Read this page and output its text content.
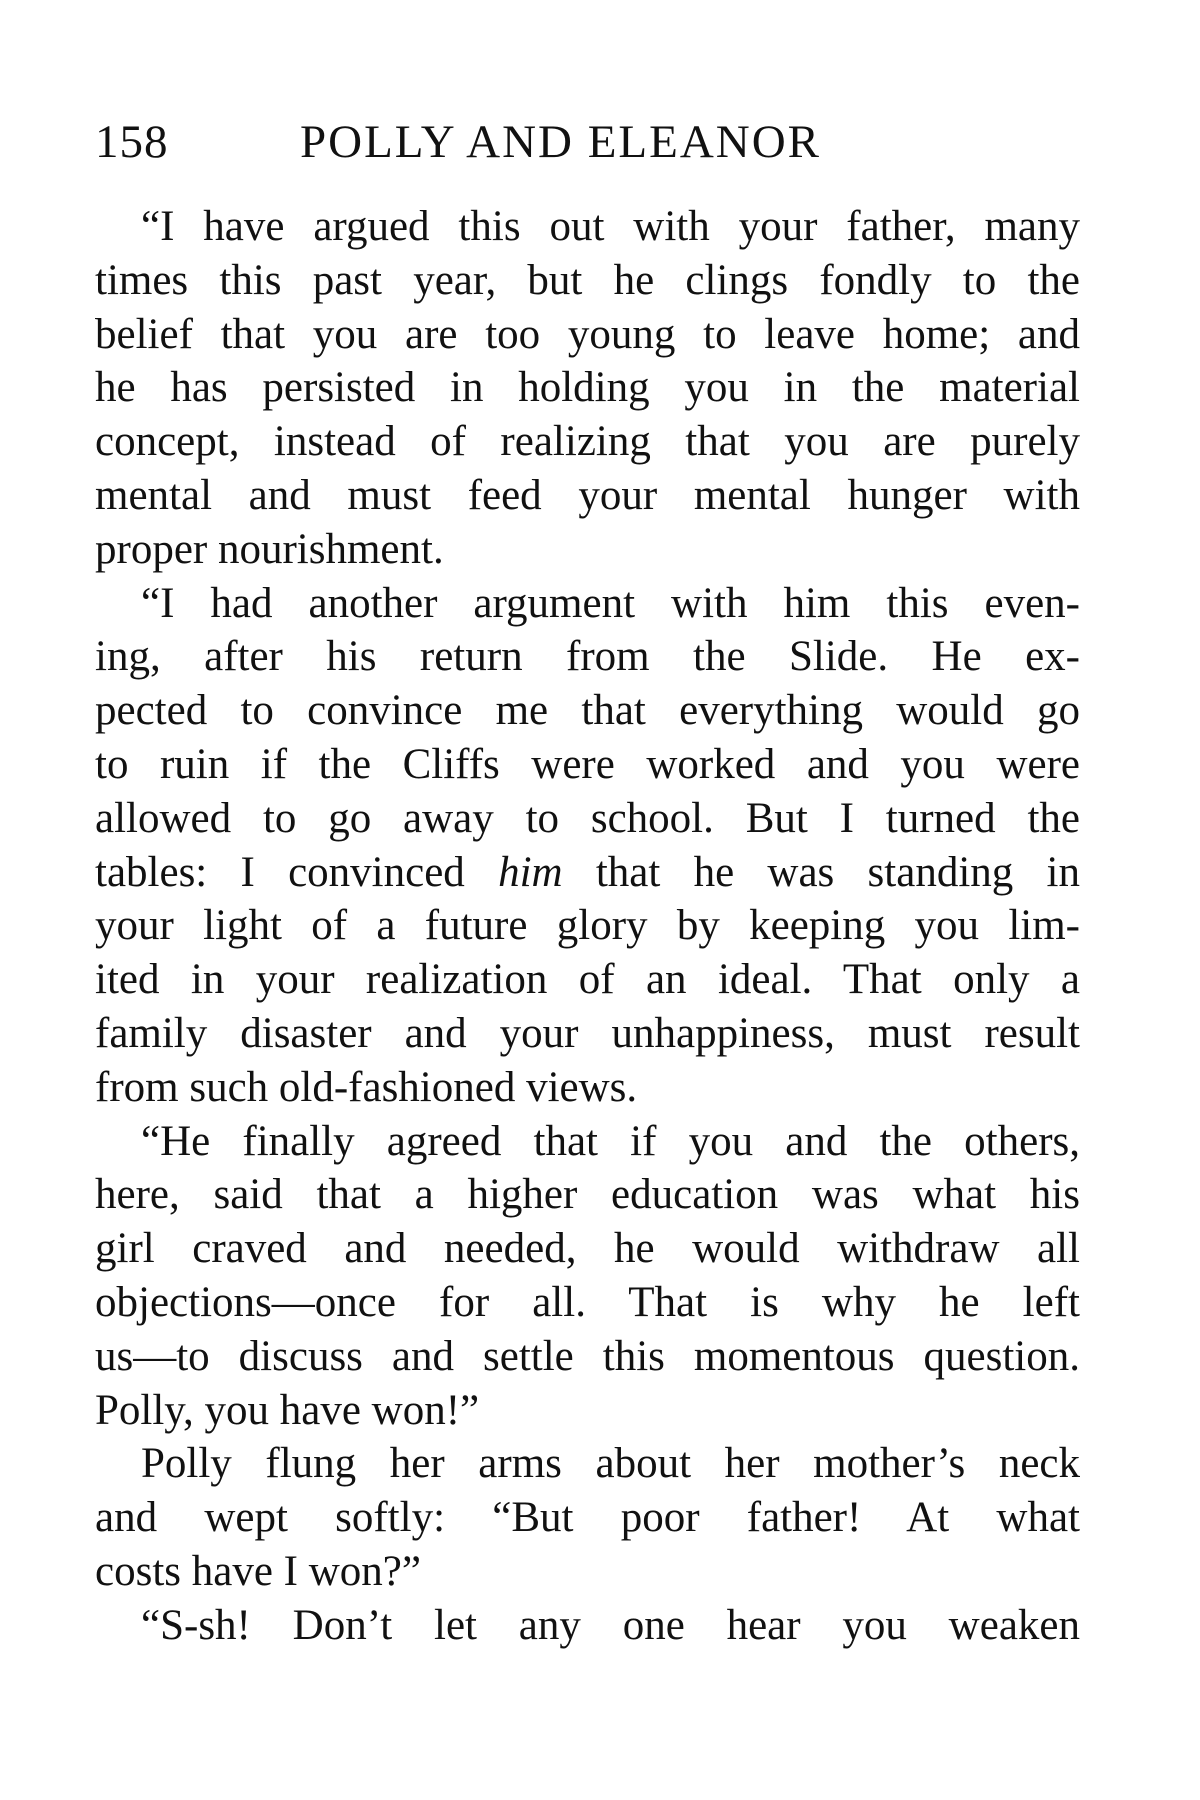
158	POLLY AND ELEANOR
“I have argued this out with your father, many
times this past year, but he clings fondly to the
belief that you are too young to leave home; and
he has persisted in holding you in the material
concept, instead of realizing that you are purely
mental and must feed your mental hunger with
proper nourishment.
“I had another argument with him this even-
ing, after his return from the Slide. He ex-
pected to convince me that everything would go
to ruin if the Cliffs were worked and you were
allowed to go away to school. But I turned the
tables: I convinced him that he was standing in
your light of a future glory by keeping you lim-
ited in your realization of an ideal. That only a
family disaster and your unhappiness, must result
from such old-fashioned views.
“He finally agreed that if you and the others,
here, said that a higher education was what his
girl craved and needed, he would withdraw all
objections—once for all. That is why he left
us—to discuss and settle this momentous question.
Polly, you have won!”
Polly flung her arms about her mother’s neck
and wept softly: “But poor father! At what
costs have I won?”
“S-sh! Don’t let any one hear you weaken
